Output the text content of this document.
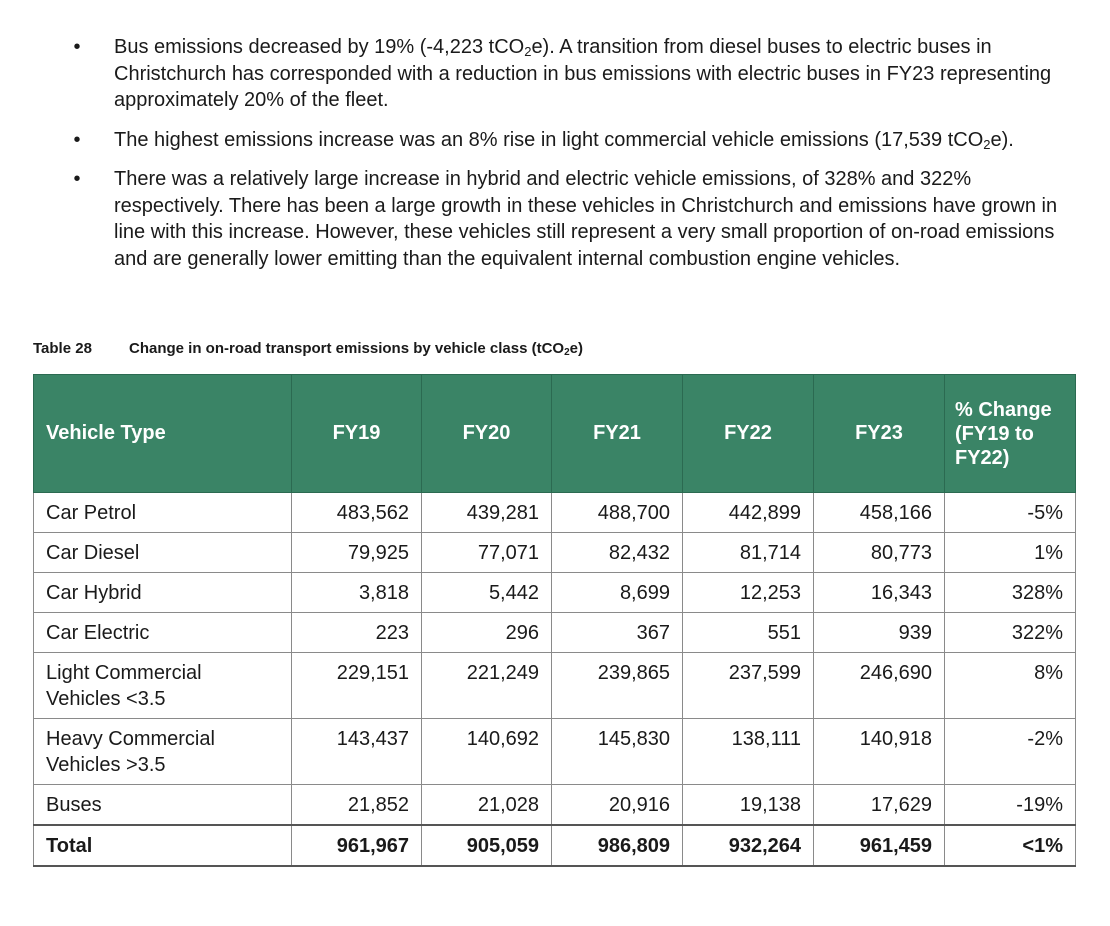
• Bus emissions decreased by 19% (-4,223 tCO$_2$e). A transition from diesel buses to electric buses in Christchurch has corresponded with a reduction in bus emissions with electric buses in FY23 representing approximately 20% of the fleet.
• The highest emissions increase was an 8% rise in light commercial vehicle emissions (17,539 tCO$_2$e).
• There was a relatively large increase in hybrid and electric vehicle emissions, of 328% and 322% respectively. There has been a large growth in these vehicles in Christchurch and emissions have grown in line with this increase. However, these vehicles still represent a very small proportion of on-road emissions and are generally lower emitting than the equivalent internal combustion engine vehicles.
Table 28 Change in on-road transport emissions by vehicle class (tCO$_2$e)
Vehicle Type	FY19	FY20	FY21	FY22	FY23	% Change (FY19 to FY22)
Car Petrol	483,562	439,281	488,700	442,899	458,166	-5%
Car Diesel	79,925	77,071	82,432	81,714	80,773	1%
Car Hybrid	3,818	5,442	8,699	12,253	16,343	328%
Car Electric	223	296	367	551	939	322%
Light Commercial Vehicles <3.5	229,151	221,249	239,865	237,599	246,690	8%
Heavy Commercial Vehicles >3.5	143,437	140,692	145,830	138,111	140,918	-2%
Buses	21,852	21,028	20,916	19,138	17,629	-19%
Total	961,967	905,059	986,809	932,264	961,459	<1%
